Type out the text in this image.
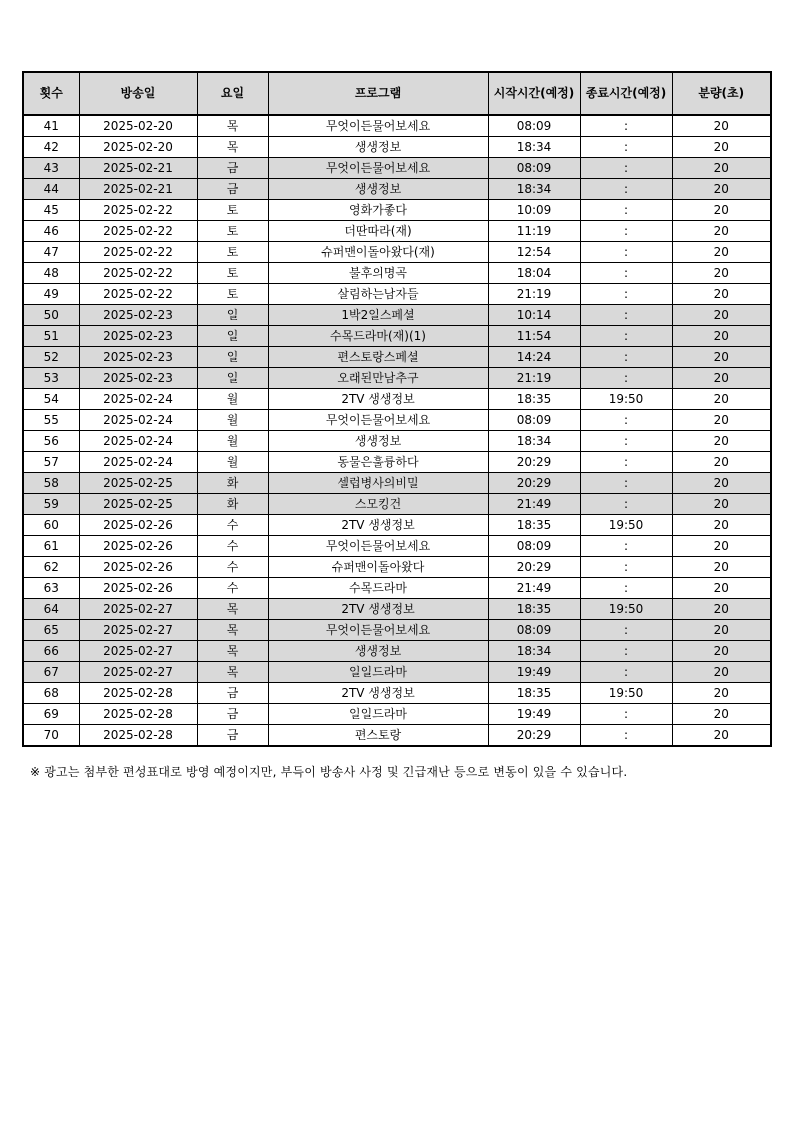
횟수	방송일	요일	프로그램	시작시간(예정)	종료시간(예정)	분량(초)
41	2025-02-20	목	무엇이든물어보세요	08:09	:	20
42	2025-02-20	목	생생정보	18:34	:	20
43	2025-02-21	금	무엇이든물어보세요	08:09	:	20
44	2025-02-21	금	생생정보	18:34	:	20
45	2025-02-22	토	영화가좋다	10:09	:	20
46	2025-02-22	토	더딴따라(재)	11:19	:	20
47	2025-02-22	토	슈퍼맨이돌아왔다(재)	12:54	:	20
48	2025-02-22	토	불후의명곡	18:04	:	20
49	2025-02-22	토	살림하는남자들	21:19	:	20
50	2025-02-23	일	1박2일스페셜	10:14	:	20
51	2025-02-23	일	수목드라마(재)(1)	11:54	:	20
52	2025-02-23	일	편스토랑스페셜	14:24	:	20
53	2025-02-23	일	오래된만남추구	21:19	:	20
54	2025-02-24	월	2TV 생생정보	18:35	19:50	20
55	2025-02-24	월	무엇이든물어보세요	08:09	:	20
56	2025-02-24	월	생생정보	18:34	:	20
57	2025-02-24	월	동물은훌륭하다	20:29	:	20
58	2025-02-25	화	셀럽병사의비밀	20:29	:	20
59	2025-02-25	화	스모킹건	21:49	:	20
60	2025-02-26	수	2TV 생생정보	18:35	19:50	20
61	2025-02-26	수	무엇이든물어보세요	08:09	:	20
62	2025-02-26	수	슈퍼맨이돌아왔다	20:29	:	20
63	2025-02-26	수	수목드라마	21:49	:	20
64	2025-02-27	목	2TV 생생정보	18:35	19:50	20
65	2025-02-27	목	무엇이든물어보세요	08:09	:	20
66	2025-02-27	목	생생정보	18:34	:	20
67	2025-02-27	목	일일드라마	19:49	:	20
68	2025-02-28	금	2TV 생생정보	18:35	19:50	20
69	2025-02-28	금	일일드라마	19:49	:	20
70	2025-02-28	금	편스토랑	20:29	:	20
※ 광고는 첨부한 편성표대로 방영 예정이지만, 부득이 방송사 사정 및 긴급재난 등으로 변동이 있을 수 있습니다.
